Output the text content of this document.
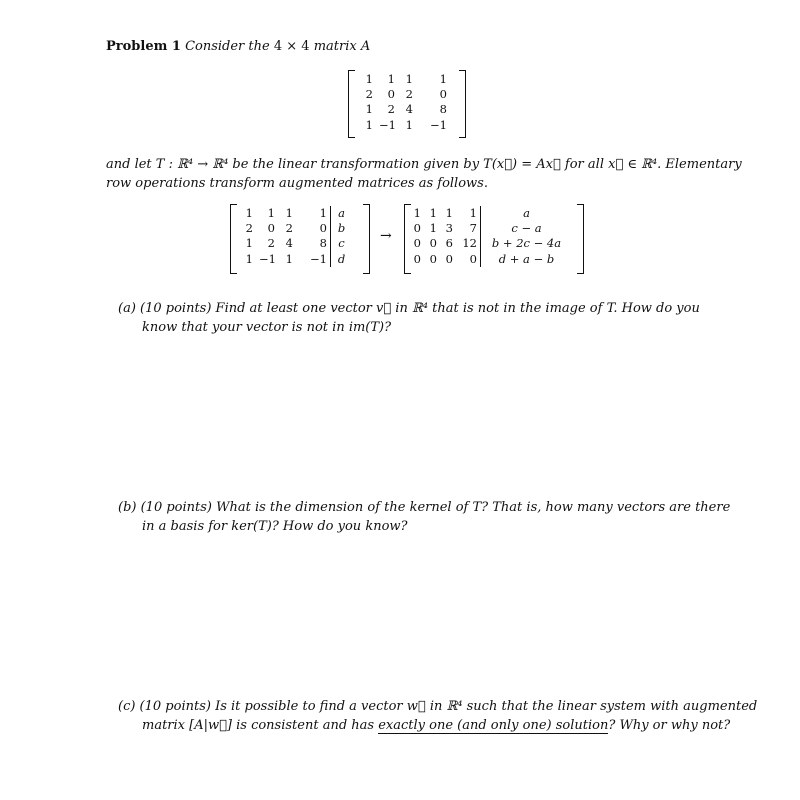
Problem 1 Consider the 4 × 4 matrix A
1	1 1	1
2	0 2	0
1	2 4	8
1 −1 1	−1
and let T : ℝ⁴ → ℝ⁴ be the linear transformation given by T(x⃗) = Ax⃗ for all x⃗ ∈ ℝ⁴. Elementary
row operations transform augmented matrices as follows.
1	1 1	1 a
2	0 2	0 b
1	2 4	8 c
1 −1 1	−1 d
→
1 1 1	1	a
0 1 3	7	c − a
0 0 6 12	b + 2c − 4a
0 0 0	0	d + a − b
(a) (10 points) Find at least one vector v⃗ in ℝ⁴ that is not in the image of T. How do you
know that your vector is not in im(T)?
(b) (10 points) What is the dimension of the kernel of T? That is, how many vectors are there
in a basis for ker(T)? How do you know?
(c) (10 points) Is it possible to find a vector w⃗ in ℝ⁴ such that the linear system with augmented
matrix [A|w⃗] is consistent and has exactly one (and only one) solution? Why or why not?
